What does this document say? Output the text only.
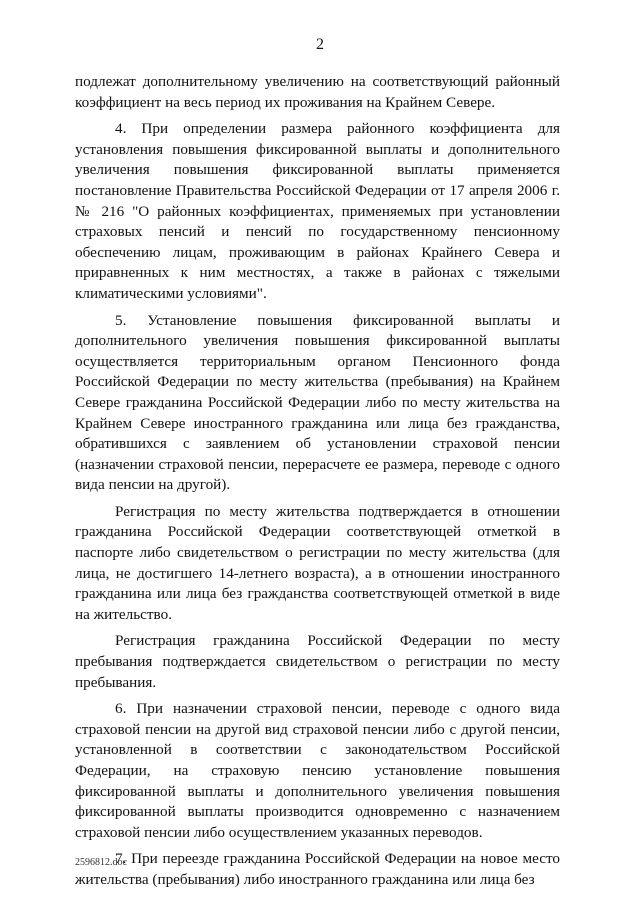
2

подлежат дополнительному увеличению на соответствующий районный коэффициент на весь период их проживания на Крайнем Севере.

4. При определении размера районного коэффициента для установления повышения фиксированной выплаты и дополнительного увеличения повышения фиксированной выплаты применяется постановление Правительства Российской Федерации от 17 апреля 2006 г. № 216 "О районных коэффициентах, применяемых при установлении страховых пенсий и пенсий по государственному пенсионному обеспечению лицам, проживающим в районах Крайнего Севера и приравненных к ним местностях, а также в районах с тяжелыми климатическими условиями".

5. Установление повышения фиксированной выплаты и дополнительного увеличения повышения фиксированной выплаты осуществляется территориальным органом Пенсионного фонда Российской Федерации по месту жительства (пребывания) на Крайнем Севере гражданина Российской Федерации либо по месту жительства на Крайнем Севере иностранного гражданина или лица без гражданства, обратившихся с заявлением об установлении страховой пенсии (назначении страховой пенсии, перерасчете ее размера, переводе с одного вида пенсии на другой).

Регистрация по месту жительства подтверждается в отношении гражданина Российской Федерации соответствующей отметкой в паспорте либо свидетельством о регистрации по месту жительства (для лица, не достигшего 14-летнего возраста), а в отношении иностранного гражданина или лица без гражданства соответствующей отметкой в виде на жительство.

Регистрация гражданина Российской Федерации по месту пребывания подтверждается свидетельством о регистрации по месту пребывания.

6. При назначении страховой пенсии, переводе с одного вида страховой пенсии на другой вид страховой пенсии либо с другой пенсии, установленной в соответствии с законодательством Российской Федерации, на страховую пенсию установление повышения фиксированной выплаты и дополнительного увеличения повышения фиксированной выплаты производится одновременно с назначением страховой пенсии либо осуществлением указанных переводов.

7. При переезде гражданина Российской Федерации на новое место жительства (пребывания) либо иностранного гражданина или лица без

2596812.doc
